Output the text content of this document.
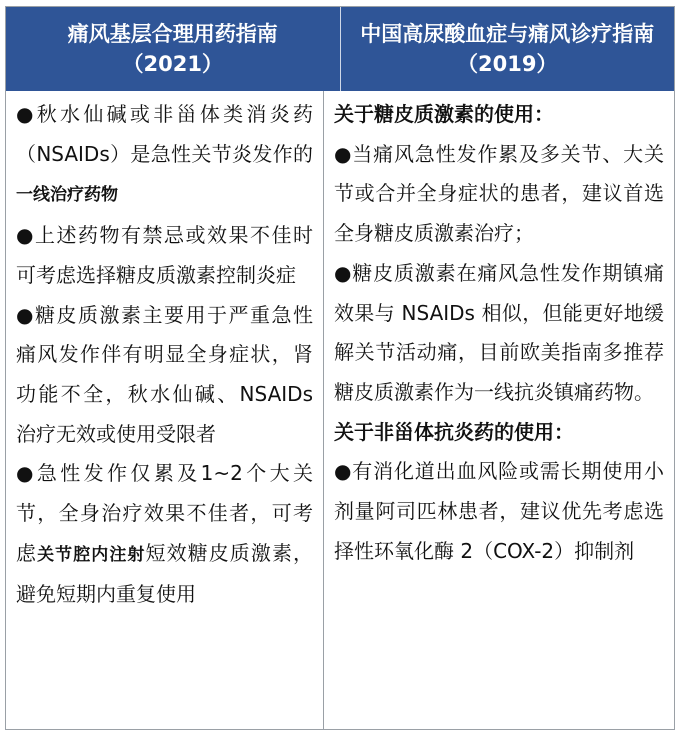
痛风基层合理用药指南
（2021）
中国高尿酸血症与痛风诊疗指南
（2019）

●秋水仙碱或非甾体类消炎药（NSAIDs）是急性关节炎发作的一线治疗药物

●上述药物有禁忌或效果不佳时可考虑选择糖皮质激素控制炎症

●糖皮质激素主要用于严重急性痛风发作伴有明显全身症状，肾功能不全，秋水仙碱、NSAIDs 治疗无效或使用受限者

●急性发作仅累及1~2个大关节，全身治疗效果不佳者，可考虑关节腔内注射短效糖皮质激素，避免短期内重复使用

关于糖皮质激素的使用：

●当痛风急性发作累及多关节、大关节或合并全身症状的患者，建议首选全身糖皮质激素治疗；

●糖皮质激素在痛风急性发作期镇痛效果与 NSAIDs 相似，但能更好地缓解关节活动痛，目前欧美指南多推荐糖皮质激素作为一线抗炎镇痛药物。

关于非甾体抗炎药的使用：

●有消化道出血风险或需长期使用小剂量阿司匹林患者，建议优先考虑选择性环氧化酶 2（COX-2）抑制剂
